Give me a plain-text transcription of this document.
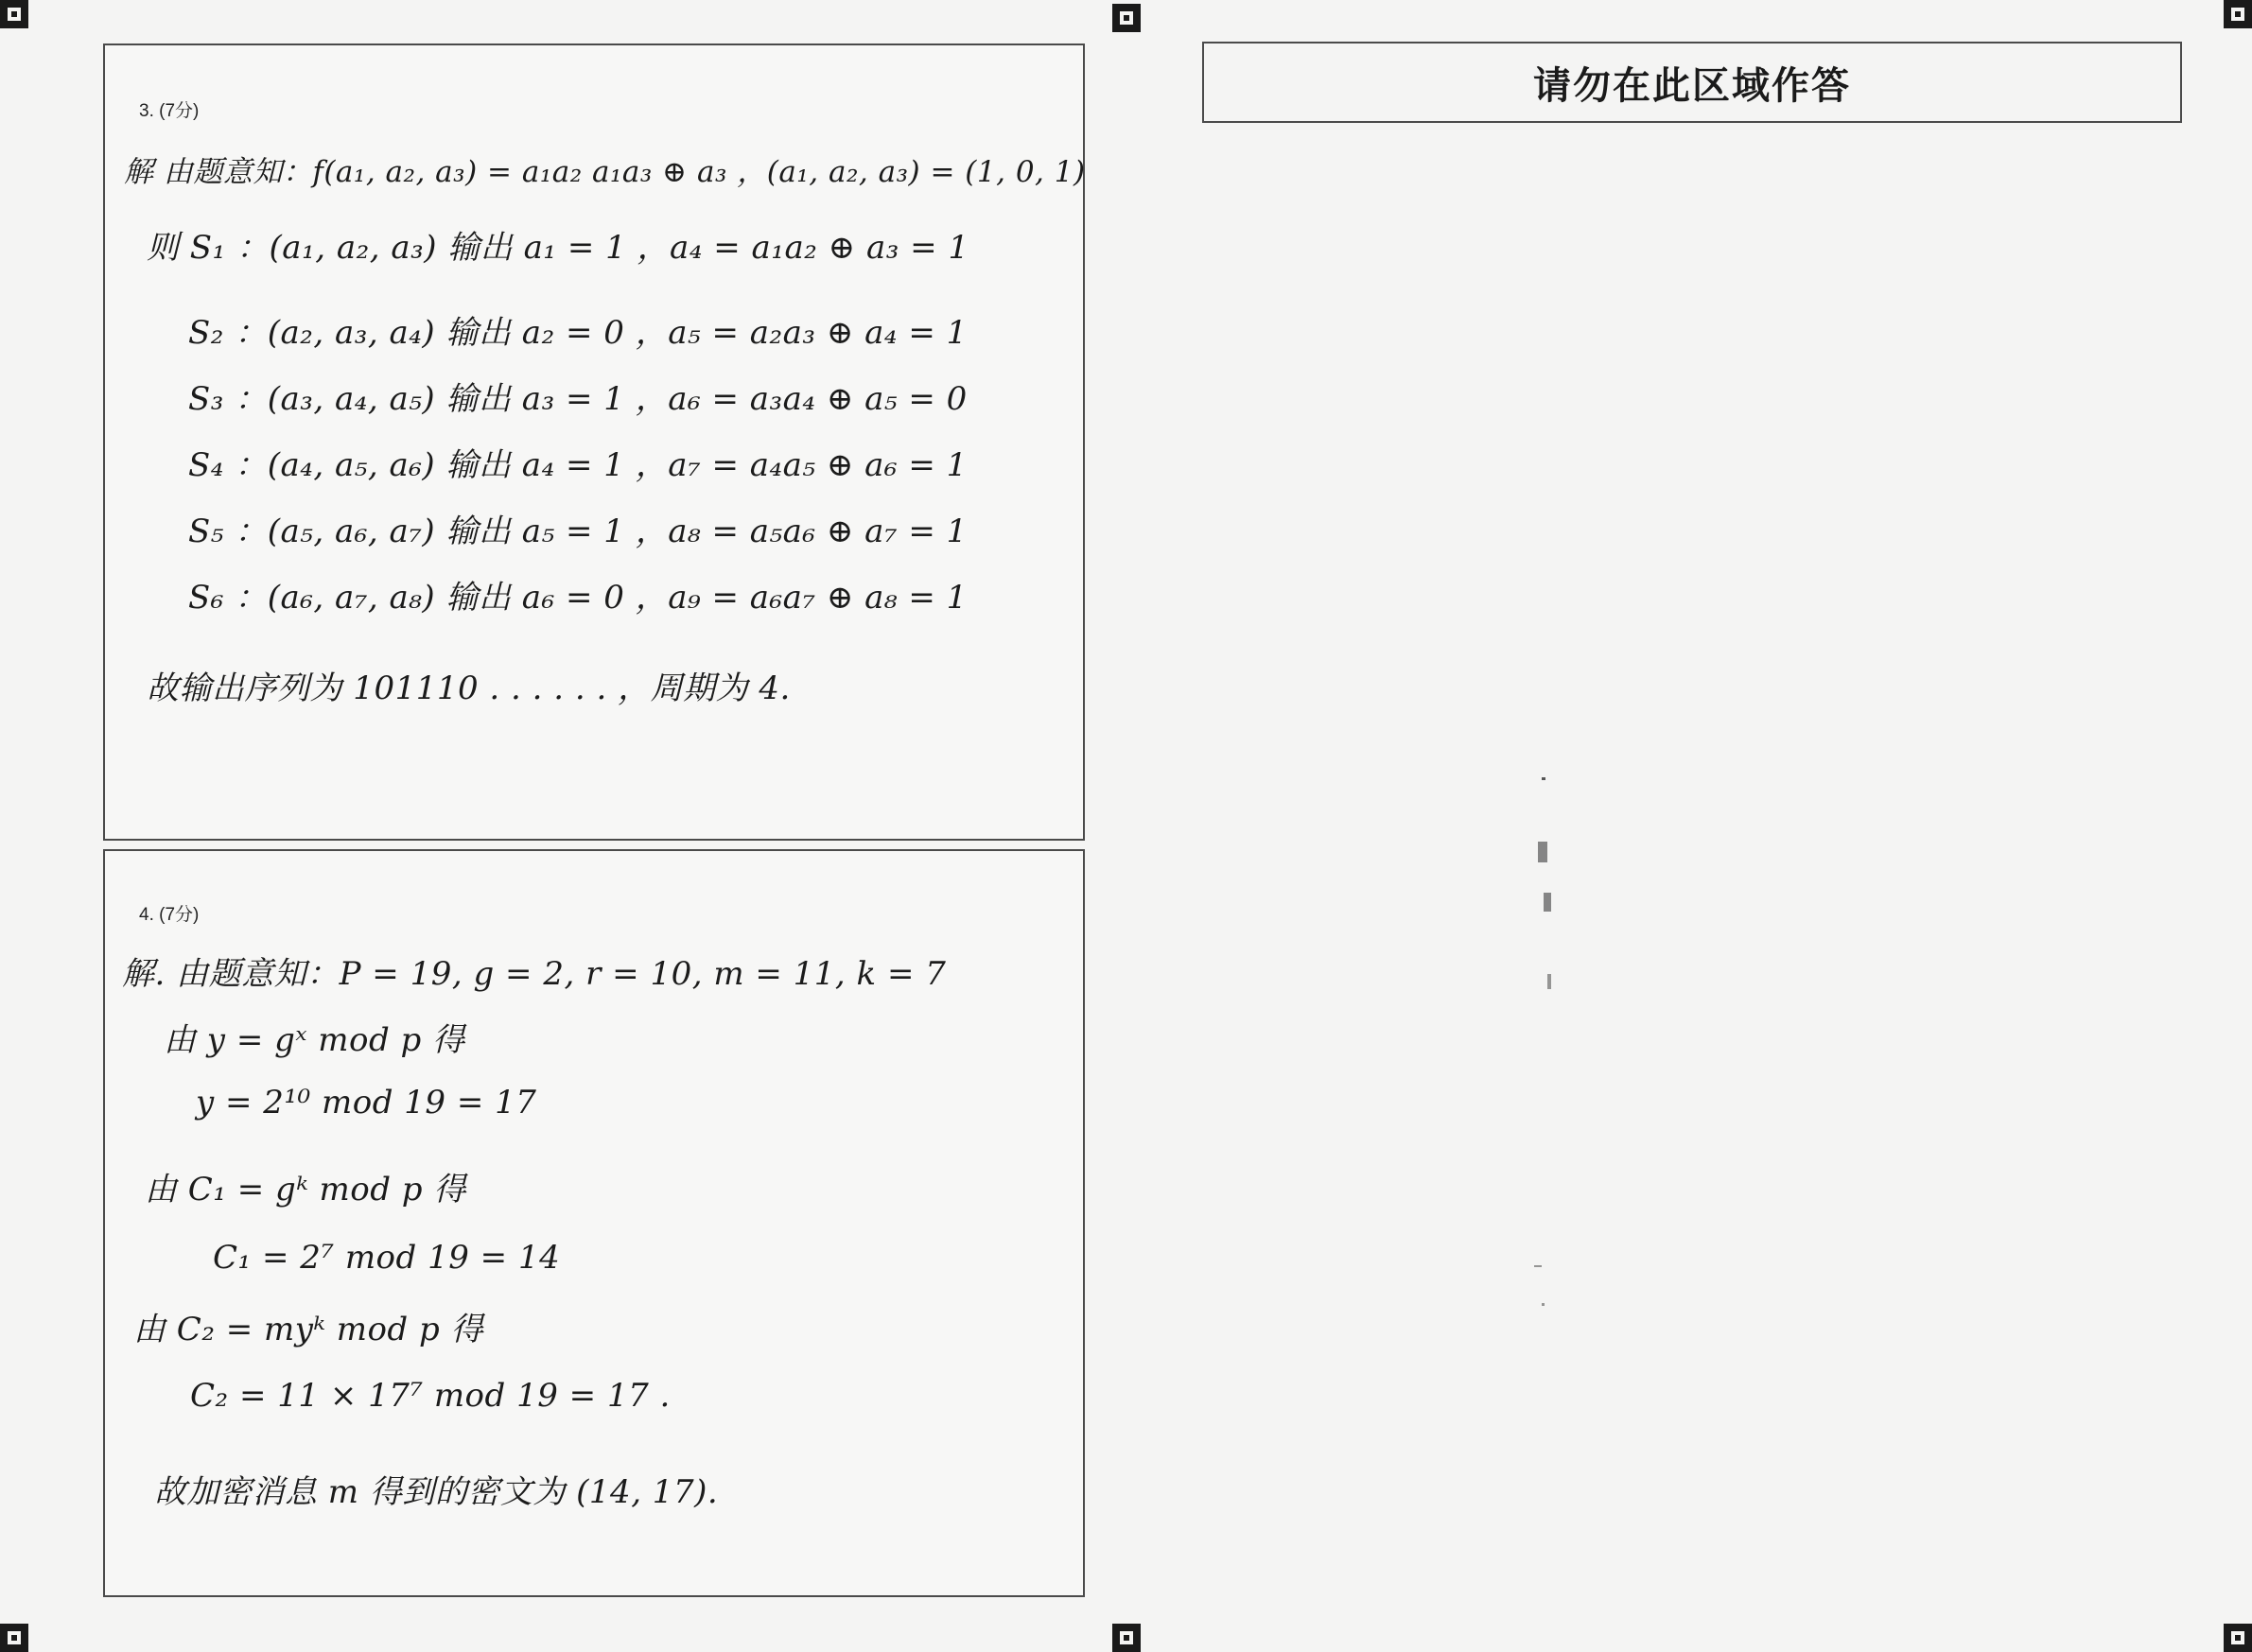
3. (7分)
解 由题意知：f(a₁, a₂, a₃) = a₁a₂ a₁a₃ ⊕ a₃ ，(a₁, a₂, a₃) = (1, 0, 1)
则 S₁ ：(a₁, a₂, a₃) 输出 a₁ = 1 ，a₄ = a₁a₂ ⊕ a₃ = 1
S₂ ：(a₂, a₃, a₄) 输出 a₂ = 0 ，a₅ = a₂a₃ ⊕ a₄ = 1
S₃ ：(a₃, a₄, a₅) 输出 a₃ = 1 ，a₆ = a₃a₄ ⊕ a₅ = 0
S₄ ：(a₄, a₅, a₆) 输出 a₄ = 1 ，a₇ = a₄a₅ ⊕ a₆ = 1
S₅ ：(a₅, a₆, a₇) 输出 a₅ = 1 ，a₈ = a₅a₆ ⊕ a₇ = 1
S₆ ：(a₆, a₇, a₈) 输出 a₆ = 0 ，a₉ = a₆a₇ ⊕ a₈ = 1
故输出序列为 101110 . . . . . . ，周期为 4.
4. (7分)
解. 由题意知：P = 19, g = 2, r = 10, m = 11, k = 7
由 y = gˣ mod p 得
y = 2¹⁰ mod 19 = 17
由 C₁ = gᵏ mod p 得
C₁ = 2⁷ mod 19 = 14
由 C₂ = myᵏ mod p 得
C₂ = 11 × 17⁷ mod 19 = 17 .
故加密消息 m 得到的密文为 (14, 17).
请勿在此区域作答
